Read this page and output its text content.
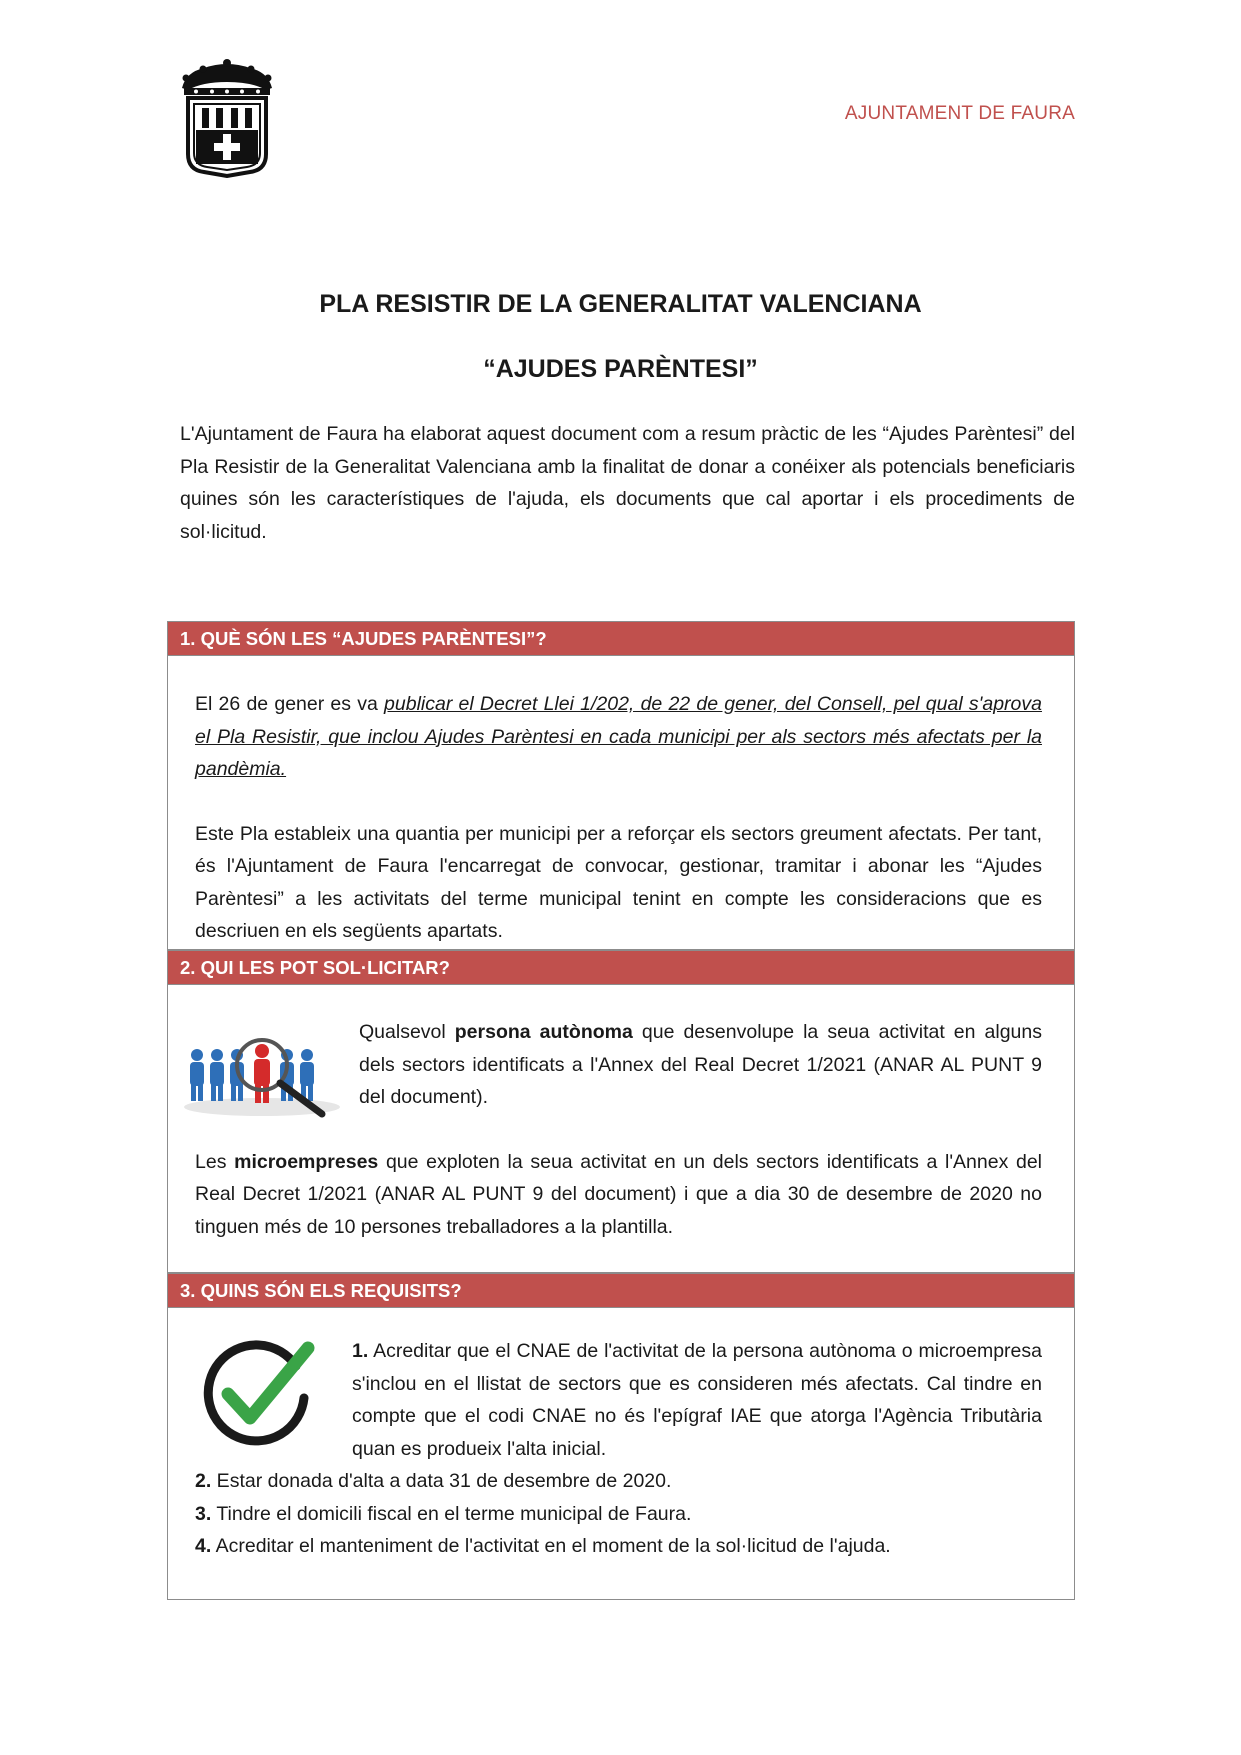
AJUNTAMENT DE FAURA
PLA RESISTIR DE LA GENERALITAT VALENCIANA
“AJUDES PARÈNTESI”
L'Ajuntament de Faura ha elaborat aquest document com a resum pràctic de les “Ajudes Parèntesi” del Pla Resistir de la Generalitat Valenciana amb la finalitat de donar a conéixer als potencials beneficiaris quines són les característiques de l'ajuda, els documents que cal aportar i els procediments de sol·licitud.
1. QUÈ SÓN LES “AJUDES PARÈNTESI”?

El 26 de gener es va publicar el Decret Llei 1/202, de 22 de gener, del Consell, pel qual s'aprova el Pla Resistir, que inclou Ajudes Parèntesi en cada municipi per als sectors més afectats per la pandèmia.

Este Pla estableix una quantia per municipi per a reforçar els sectors greument afectats. Per tant, és l'Ajuntament de Faura l'encarregat de convocar, gestionar, tramitar i abonar les “Ajudes Parèntesi” a les activitats del terme municipal tenint en compte les consideracions que es descriuen en els següents apartats.

2. QUI LES POT SOL·LICITAR?

Qualsevol persona autònoma que desenvolupe la seua activitat en alguns dels sectors identificats a l'Annex del Real Decret 1/2021 (ANAR AL PUNT 9 del document).

Les microempreses que exploten la seua activitat en un dels sectors identificats a l'Annex del Real Decret 1/2021 (ANAR AL PUNT 9 del document) i que a dia 30 de desembre de 2020 no tinguen més de 10 persones treballadores a la plantilla.

3. QUINS SÓN ELS REQUISITS?

1. Acreditar que el CNAE de l'activitat de la persona autònoma o microempresa s'inclou en el llistat de sectors que es consideren més afectats. Cal tindre en compte que el codi CNAE no és l'epígraf IAE que atorga l'Agència Tributària quan es produeix l'alta inicial.

2. Estar donada d'alta a data 31 de desembre de 2020.

3. Tindre el domicili fiscal en el terme municipal de Faura.

4. Acreditar el manteniment de l'activitat en el moment de la sol·licitud de l'ajuda.
